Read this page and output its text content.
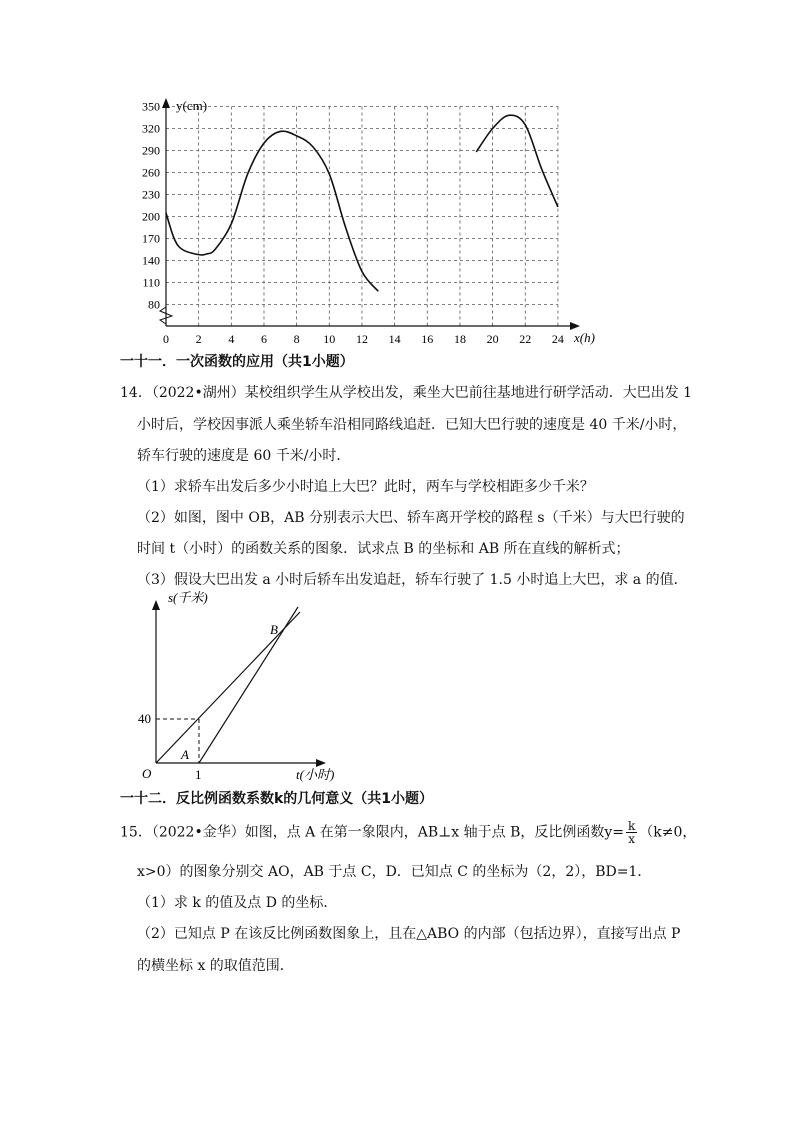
y(cm)
x(h)
0 2 4 6 8 10 12 14 16 18 20 22 24
80
110
140
170
200
230
260
290
320
350
一十一．一次函数的应用（共1小题）
14．（2022•湖州）某校组织学生从学校出发，乘坐大巴前往基地进行研学活动．大巴出发 1
小时后，学校因事派人乘坐轿车沿相同路线追赶．已知大巴行驶的速度是 40 千米/小时，
轿车行驶的速度是 60 千米/小时．
（1）求轿车出发后多少小时追上大巴？此时，两车与学校相距多少千米？
（2）如图，图中 OB，AB 分别表示大巴、轿车离开学校的路程 s（千米）与大巴行驶的
时间 t（小时）的函数关系的图象．试求点 B 的坐标和 AB 所在直线的解析式；
（3）假设大巴出发 a 小时后轿车出发追赶，轿车行驶了 1.5 小时追上大巴，求 a 的值．
s(千米)
t(小时)
O	1
40
A
B
一十二．反比例函数系数k的几何意义（共1小题）
15．（2022•金华）如图，点 A 在第一象限内，AB⊥x 轴于点 B，反比例函数$y= \frac{k}{x} (k\ne 0$，
x>0）的图象分别交 AO，AB 于点 C，D．已知点 C 的坐标为（2，2），BD=1．
（1）求 k 的值及点 D 的坐标．
（2）已知点 P 在该反比例函数图象上，且在△ABO 的内部（包括边界），直接写出点 P
的横坐标 x 的取值范围．
